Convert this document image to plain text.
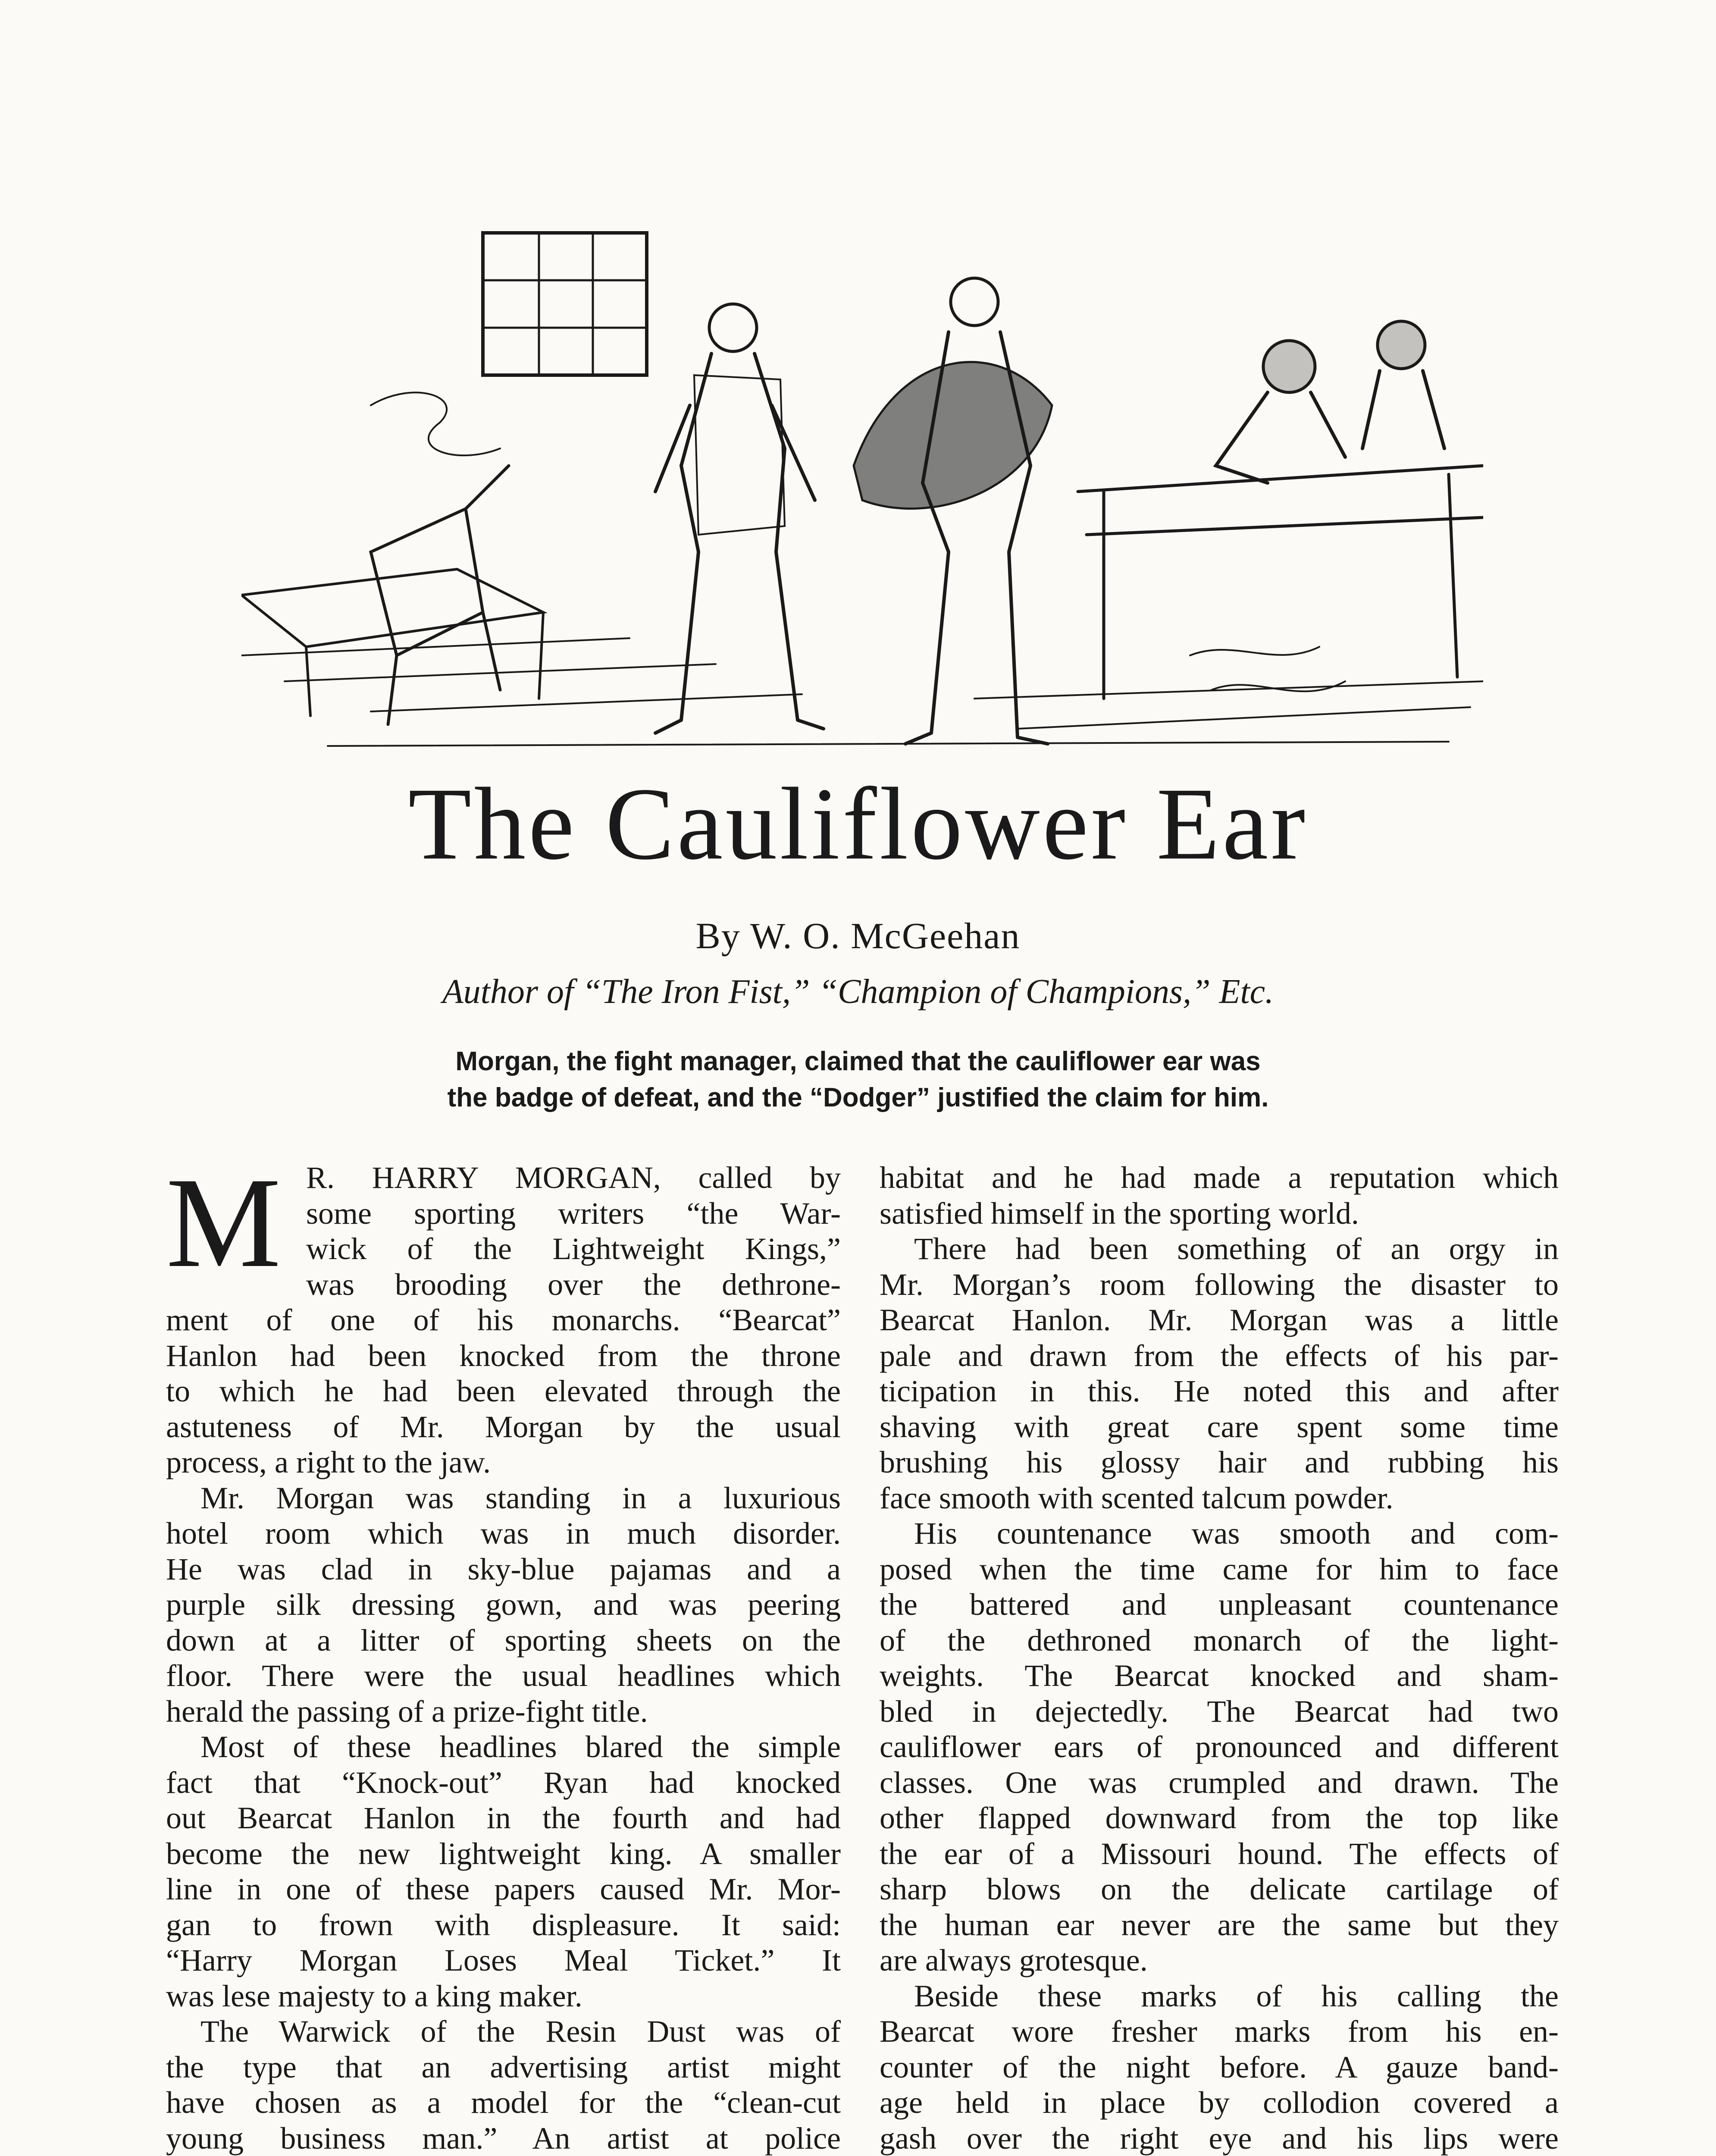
The Cauliflower Ear
By W. O. McGeehan
Author of “The Iron Fist,” “Champion of Champions,” Etc.
Morgan, the fight manager, claimed that the cauliflower ear was
the badge of defeat, and the “Dodger” justified the claim for him.
M R. HARRY MORGAN, called by
some sporting writers “the War-
wick of the Lightweight Kings,”
was brooding over the dethrone-
ment of one of his monarchs. “Bearcat”
Hanlon had been knocked from the throne
to which he had been elevated through the
astuteness of Mr. Morgan by the usual
process, a right to the jaw.
Mr. Morgan was standing in a luxurious
hotel room which was in much disorder.
He was clad in sky-blue pajamas and a
purple silk dressing gown, and was peering
down at a litter of sporting sheets on the
floor. There were the usual headlines which
herald the passing of a prize-fight title.
Most of these headlines blared the simple
fact that “Knock-out” Ryan had knocked
out Bearcat Hanlon in the fourth and had
become the new lightweight king. A smaller
line in one of these papers caused Mr. Mor-
gan to frown with displeasure. It said:
“Harry Morgan Loses Meal Ticket.” It
was lese majesty to a king maker.
The Warwick of the Resin Dust was of
the type that an advertising artist might
have chosen as a model for the “clean-cut
young business man.” An artist at police
habitat and he had made a reputation which
satisfied himself in the sporting world.
There had been something of an orgy in
Mr. Morgan’s room following the disaster to
Bearcat Hanlon. Mr. Morgan was a little
pale and drawn from the effects of his par-
ticipation in this. He noted this and after
shaving with great care spent some time
brushing his glossy hair and rubbing his
face smooth with scented talcum powder.
His countenance was smooth and com-
posed when the time came for him to face
the battered and unpleasant countenance
of the dethroned monarch of the light-
weights. The Bearcat knocked and sham-
bled in dejectedly. The Bearcat had two
cauliflower ears of pronounced and different
classes. One was crumpled and drawn. The
other flapped downward from the top like
the ear of a Missouri hound. The effects of
sharp blows on the delicate cartilage of
the human ear never are the same but they
are always grotesque.
Beside these marks of his calling the
Bearcat wore fresher marks from his en-
counter of the night before. A gauze band-
age held in place by collodion covered a
gash over the right eye and his lips were
